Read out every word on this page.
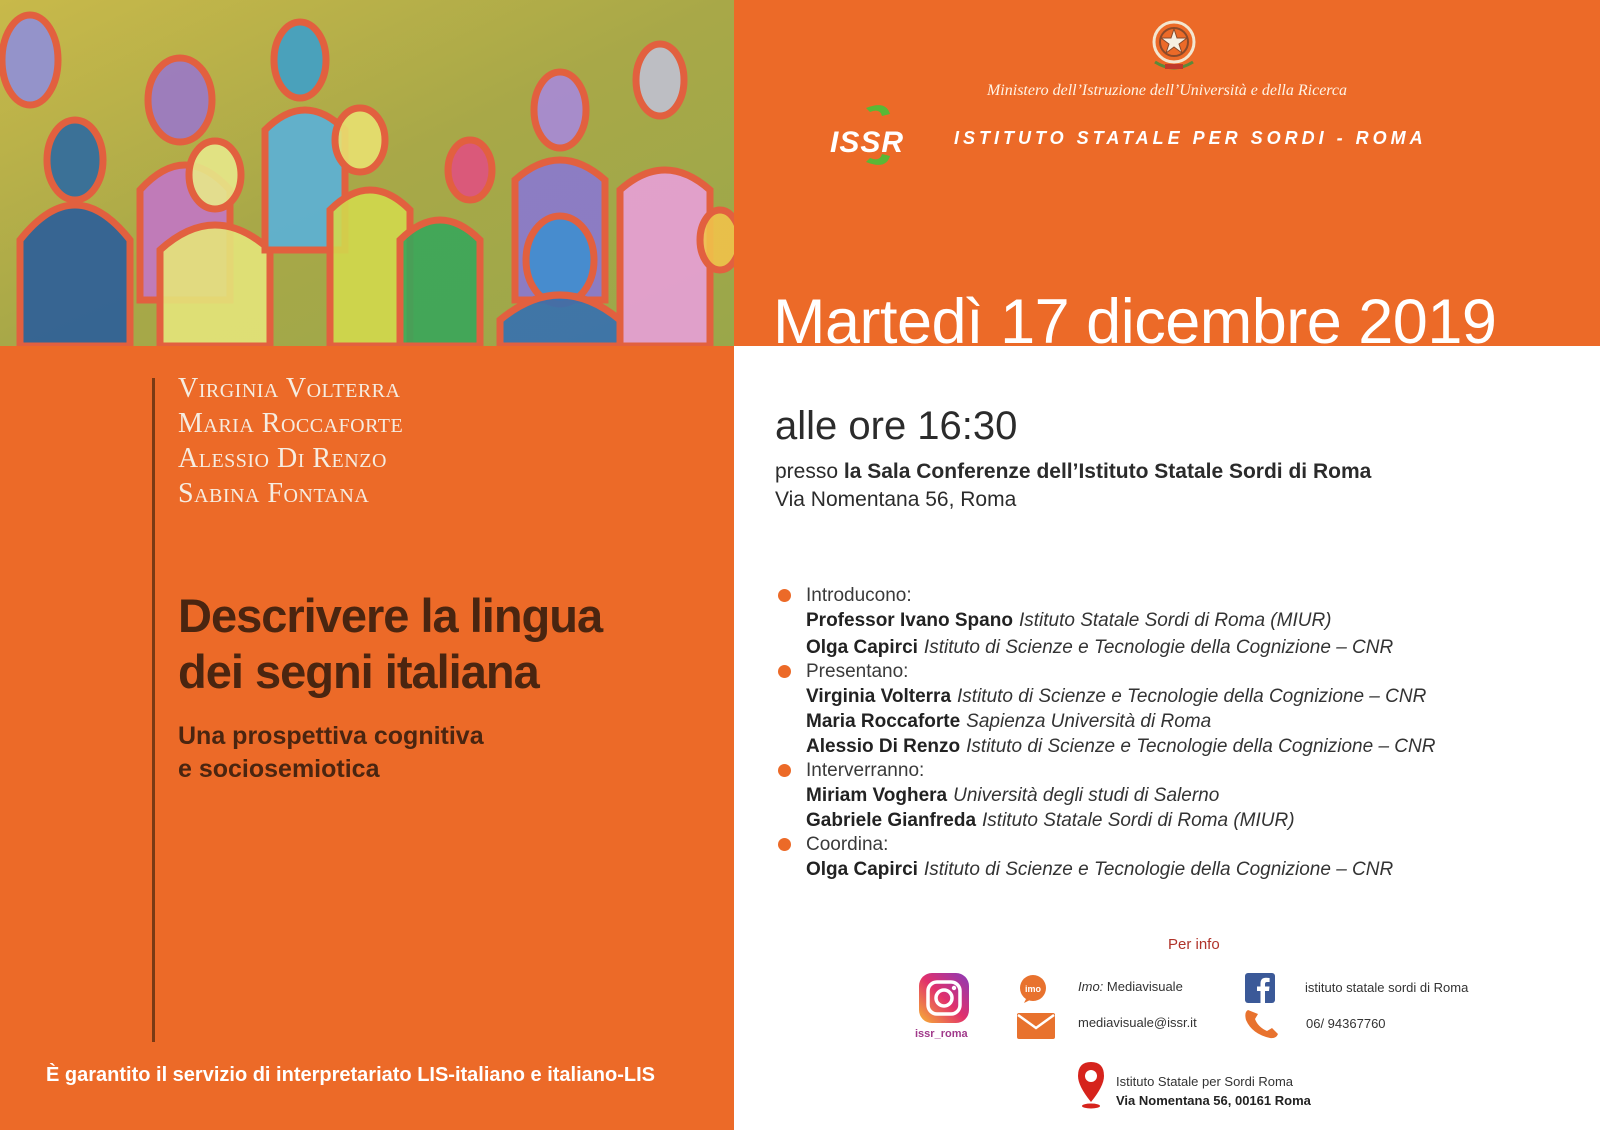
Virginia Volterra
Maria Roccaforte
Alessio Di Renzo
Sabina Fontana
Descrivere la lingua
dei segni italiana
Una prospettiva cognitiva
e sociosemiotica
È garantito il servizio di interpretariato LIS-italiano e italiano-LIS
Ministero dell’Istruzione dell’Università e della Ricerca
ISSR	ISTITUTO STATALE PER SORDI - ROMA
Martedì 17 dicembre 2019
alle ore 16:30
presso la Sala Conferenze dell’Istituto Statale Sordi di Roma
Via Nomentana 56, Roma
Introducono:
Professor Ivano Spano Istituto Statale Sordi di Roma (MIUR)
Olga Capirci Istituto di Scienze e Tecnologie della Cognizione – CNR
Presentano:
Virginia Volterra Istituto di Scienze e Tecnologie della Cognizione – CNR
Maria Roccaforte Sapienza Università di Roma
Alessio Di Renzo Istituto di Scienze e Tecnologie della Cognizione – CNR
Interverranno:
Miriam Voghera Università degli studi di Salerno
Gabriele Gianfreda Istituto Statale Sordi di Roma (MIUR)
Coordina:
Olga Capirci Istituto di Scienze e Tecnologie della Cognizione – CNR
Per info
issr_roma
imo	Imo: Mediavisuale
mediavisuale@issr.it
istituto statale sordi di Roma
06/ 94367760
Istituto Statale per Sordi Roma
Via Nomentana 56, 00161 Roma
